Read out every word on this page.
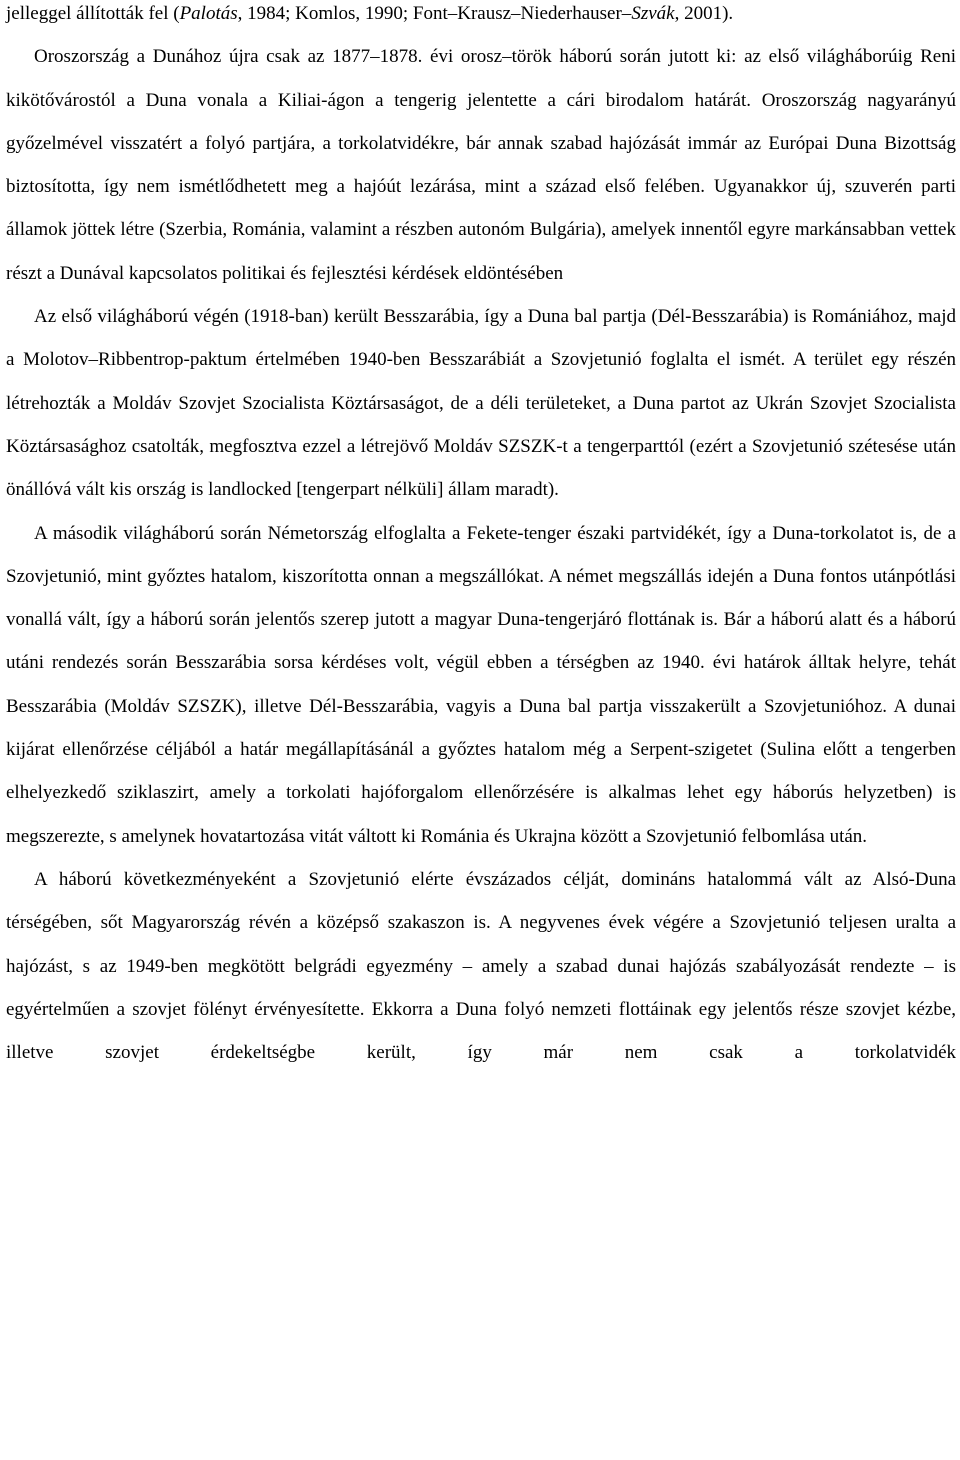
jelleggel állították fel (Palotás, 1984; Komlos, 1990; Font–Krausz–Niederhauser–Szvák, 2001).

Oroszország a Dunához újra csak az 1877–1878. évi orosz–török háború során jutott ki: az első világháborúig Reni kikötővárostól a Duna vonala a Kiliai-ágon a tengerig jelentette a cári birodalom határát. Oroszország nagyarányú győzelmével visszatért a folyó partjára, a torkolatvidékre, bár annak szabad hajózását immár az Európai Duna Bizottság biztosította, így nem ismétlődhetett meg a hajóút lezárása, mint a század első felében. Ugyanakkor új, szuverén parti államok jöttek létre (Szerbia, Románia, valamint a részben autonóm Bulgária), amelyek innentől egyre markánsabban vettek részt a Dunával kapcsolatos politikai és fejlesztési kérdések eldöntésében

Az első világháború végén (1918-ban) került Besszarábia, így a Duna bal partja (Dél-Besszarábia) is Romániához, majd a Molotov–Ribbentrop-paktum értelmében 1940-ben Besszarábiát a Szovjetunió foglalta el ismét. A terület egy részén létrehozták a Moldáv Szovjet Szocialista Köztársaságot, de a déli területeket, a Duna partot az Ukrán Szovjet Szocialista Köztársasághoz csatolták, megfosztva ezzel a létrejövő Moldáv SZSZK-t a tengerparttól (ezért a Szovjetunió szétesése után önállóvá vált kis ország is landlocked [tengerpart nélküli] állam maradt).

A második világháború során Németország elfoglalta a Fekete-tenger északi partvidékét, így a Duna-torkolatot is, de a Szovjetunió, mint győztes hatalom, kiszorította onnan a megszállókat. A német megszállás idején a Duna fontos utánpótlási vonallá vált, így a háború során jelentős szerep jutott a magyar Duna-tengerjáró flottának is. Bár a háború alatt és a háború utáni rendezés során Besszarábia sorsa kérdéses volt, végül ebben a térségben az 1940. évi határok álltak helyre, tehát Besszarábia (Moldáv SZSZK), illetve Dél-Besszarábia, vagyis a Duna bal partja visszakerült a Szovjetunióhoz. A dunai kijárat ellenőrzése céljából a határ megállapításánál a győztes hatalom még a Serpent-szigetet (Sulina előtt a tengerben elhelyezkedő sziklaszirt, amely a torkolati hajóforgalom ellenőrzésére is alkalmas lehet egy háborús helyzetben) is megszerezte, s amelynek hovatartozása vitát váltott ki Románia és Ukrajna között a Szovjetunió felbomlása után.

A háború következményeként a Szovjetunió elérte évszázados célját, domináns hatalommá vált az Alsó-Duna térségében, sőt Magyarország révén a középső szakaszon is. A negyvenes évek végére a Szovjetunió teljesen uralta a hajózást, s az 1949-ben megkötött belgrádi egyezmény – amely a szabad dunai hajózás szabályozását rendezte – is egyértelműen a szovjet fölényt érvényesítette. Ekkorra a Duna folyó nemzeti flottáinak egy jelentős része szovjet kézbe, illetve szovjet érdekeltségbe került, így már nem csak a torkolatvidék
